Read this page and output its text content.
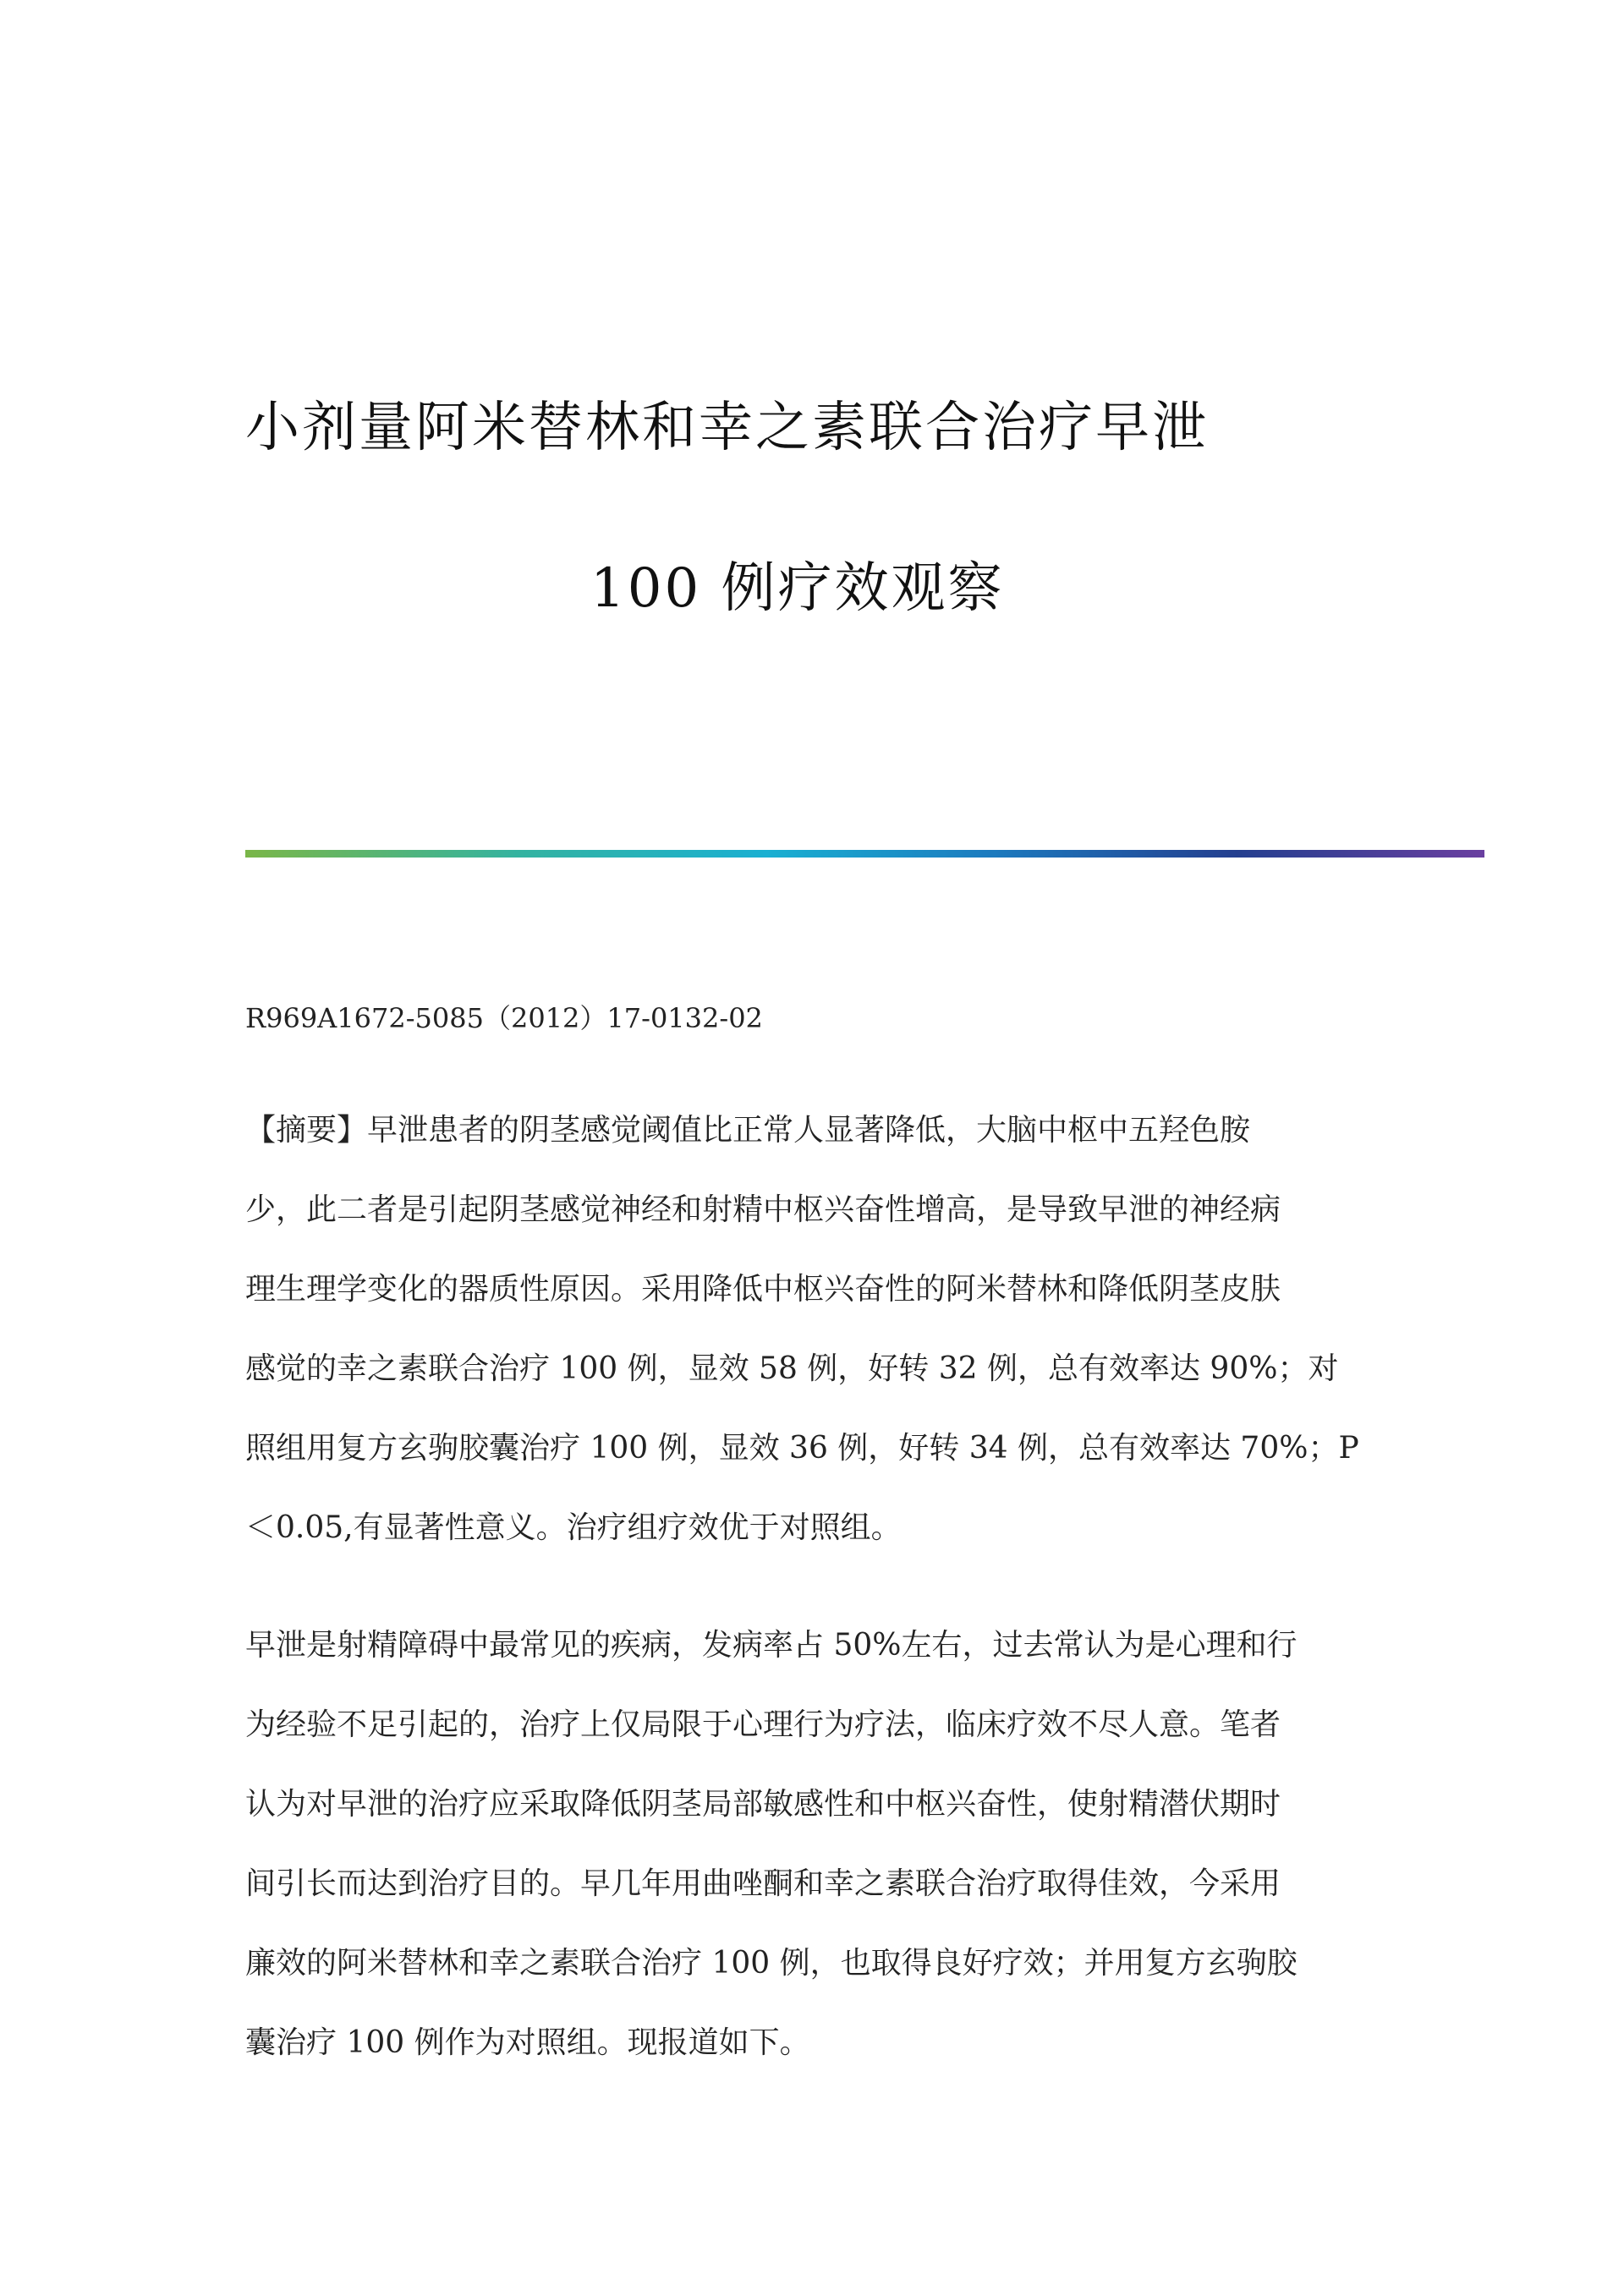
小剂量阿米替林和幸之素联合治疗早泄
100 例疗效观察
R969A1672-5085（2012）17-0132-02

【摘要】早泄患者的阴茎感觉阈值比正常人显著降低，大脑中枢中五羟色胺
少，此二者是引起阴茎感觉神经和射精中枢兴奋性增高，是导致早泄的神经病
理生理学变化的器质性原因。采用降低中枢兴奋性的阿米替林和降低阴茎皮肤
感觉的幸之素联合治疗 100 例，显效 58 例，好转 32 例，总有效率达 90%；对
照组用复方玄驹胶囊治疗 100 例，显效 36 例，好转 34 例，总有效率达 70%；P
＜0.05,有显著性意义。治疗组疗效优于对照组。

早泄是射精障碍中最常见的疾病，发病率占 50%左右，过去常认为是心理和行
为经验不足引起的，治疗上仅局限于心理行为疗法，临床疗效不尽人意。笔者
认为对早泄的治疗应采取降低阴茎局部敏感性和中枢兴奋性，使射精潜伏期时
间引长而达到治疗目的。早几年用曲唑酮和幸之素联合治疗取得佳效，今采用
廉效的阿米替林和幸之素联合治疗 100 例，也取得良好疗效；并用复方玄驹胶
囊治疗 100 例作为对照组。现报道如下。
